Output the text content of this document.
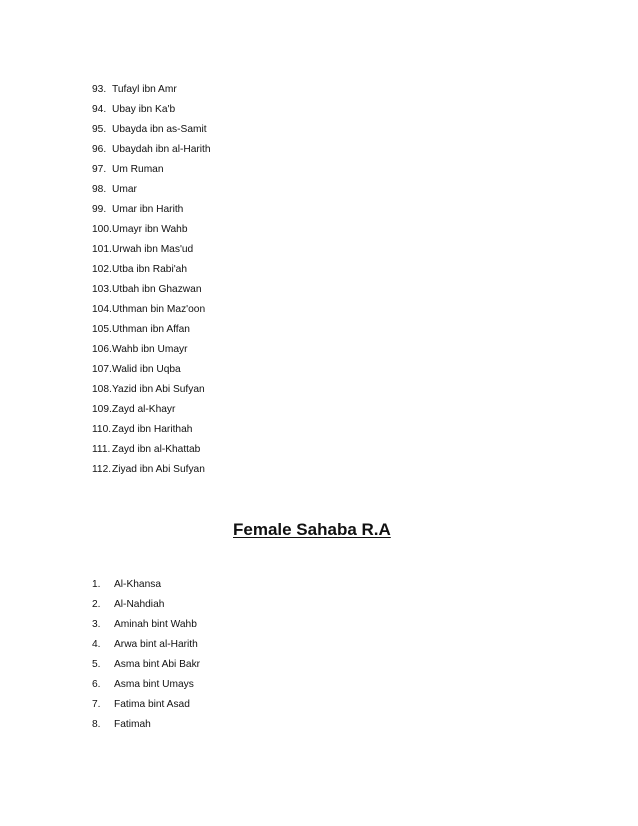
93. Tufayl ibn Amr
94. Ubay ibn Ka'b
95. Ubayda ibn as-Samit
96. Ubaydah ibn al-Harith
97. Um Ruman
98. Umar
99. Umar ibn Harith
100.Umayr ibn Wahb
101.Urwah ibn Mas'ud
102.Utba ibn Rabi'ah
103.Utbah ibn Ghazwan
104.Uthman bin Maz'oon
105.Uthman ibn Affan
106.Wahb ibn Umayr
107.Walid ibn Uqba
108.Yazid ibn Abi Sufyan
109.Zayd al-Khayr
110.Zayd ibn Harithah
111. Zayd ibn al-Khattab
112.Ziyad ibn Abi Sufyan
Female Sahaba R.A
1. Al-Khansa
2. Al-Nahdiah
3. Aminah bint Wahb
4. Arwa bint al-Harith
5. Asma bint Abi Bakr
6. Asma bint Umays
7. Fatima bint Asad
8. Fatimah
